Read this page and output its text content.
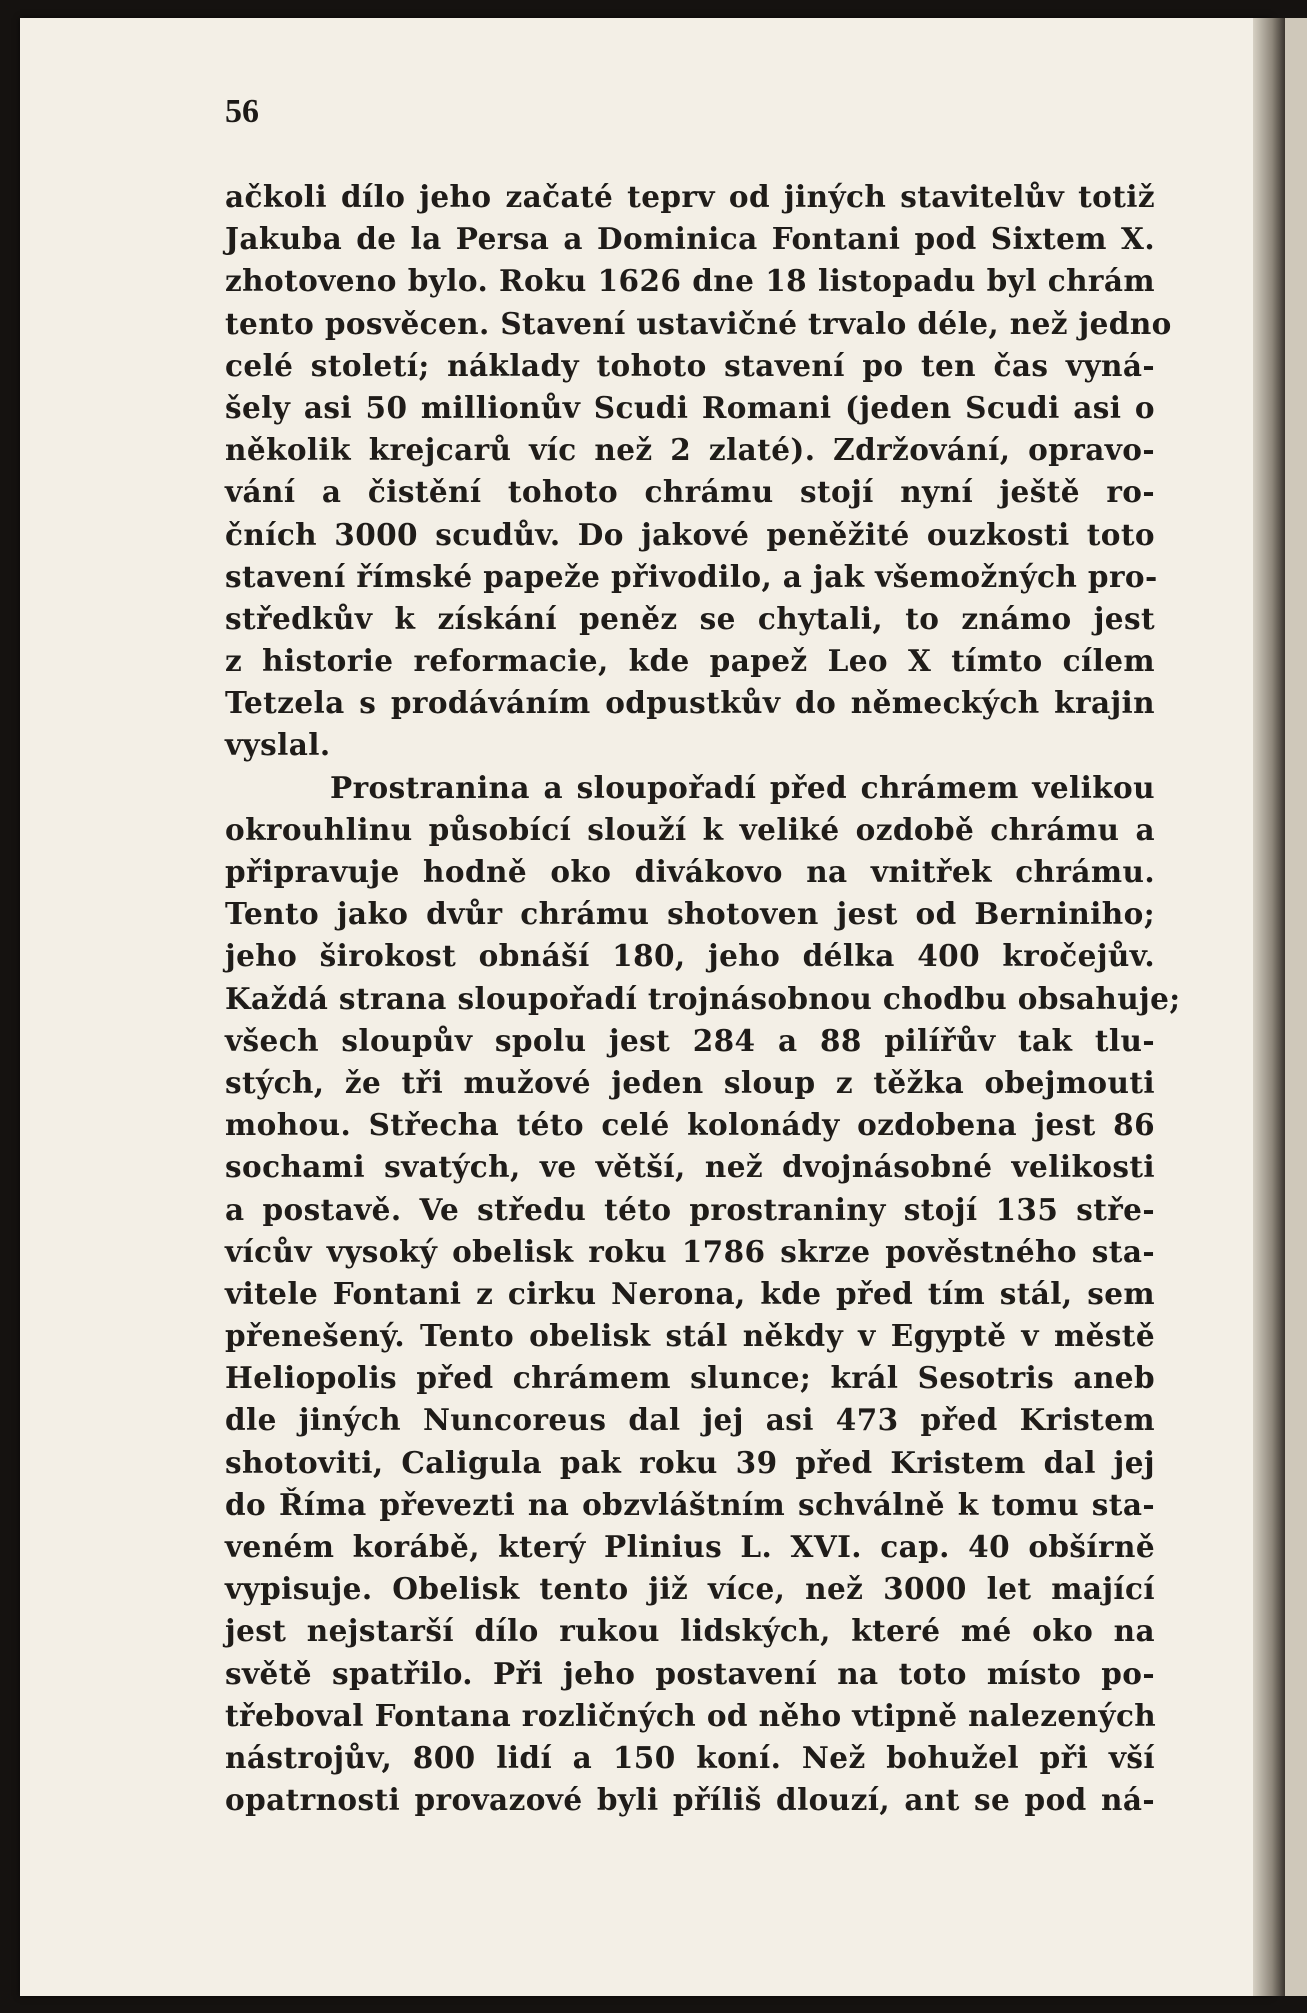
56

ačkoli dílo jeho začaté teprv od jiných stavitelův totiž
Jakuba de la Persa a Dominica Fontani pod Sixtem X.
zhotoveno bylo. Roku 1626 dne 18 listopadu byl chrám
tento posvěcen. Stavení ustavičné trvalo déle, než jedno
celé století; náklady tohoto stavení po ten čas vyná-
šely asi 50 millionův Scudi Romani (jeden Scudi asi o
několik krejcarů víc než 2 zlaté). Zdržování, opravo-
vání a čistění tohoto chrámu stojí nyní ještě ro-
čních 3000 scudův. Do jakové peněžité ouzkosti toto
stavení římské papeže přivodilo, a jak všemožných pro-
středkův k získání peněz se chytali, to známo jest
z historie reformacie, kde papež Leo X tímto cílem
Tetzela s prodáváním odpustkův do německých krajin
vyslal.
Prostranina a sloupořadí před chrámem velikou
okrouhlinu působící slouží k veliké ozdobě chrámu a
připravuje hodně oko divákovo na vnitřek chrámu.
Tento jako dvůr chrámu shotoven jest od Berniniho;
jeho širokost obnáší 180, jeho délka 400 kročejův.
Každá strana sloupořadí trojnásobnou chodbu obsahuje;
všech sloupův spolu jest 284 a 88 pilířův tak tlu-
stých, že tři mužové jeden sloup z těžka obejmouti
mohou. Střecha této celé kolonády ozdobena jest 86
sochami svatých, ve větší, než dvojnásobné velikosti
a postavě. Ve středu této prostraniny stojí 135 stře-
vícův vysoký obelisk roku 1786 skrze pověstného sta-
vitele Fontani z cirku Nerona, kde před tím stál, sem
přenešený. Tento obelisk stál někdy v Egyptě v městě
Heliopolis před chrámem slunce; král Sesotris aneb
dle jiných Nuncoreus dal jej asi 473 před Kristem
shotoviti, Caligula pak roku 39 před Kristem dal jej
do Říma převezti na obzvláštním schválně k tomu sta-
veném korábě, který Plinius L. XVI. cap. 40 obšírně
vypisuje. Obelisk tento již více, než 3000 let mající
jest nejstarší dílo rukou lidských, které mé oko na
světě spatřilo. Při jeho postavení na toto místo po-
třeboval Fontana rozličných od něho vtipně nalezených
nástrojův, 800 lidí a 150 koní. Než bohužel při vší
opatrnosti provazové byli příliš dlouzí, ant se pod ná-
